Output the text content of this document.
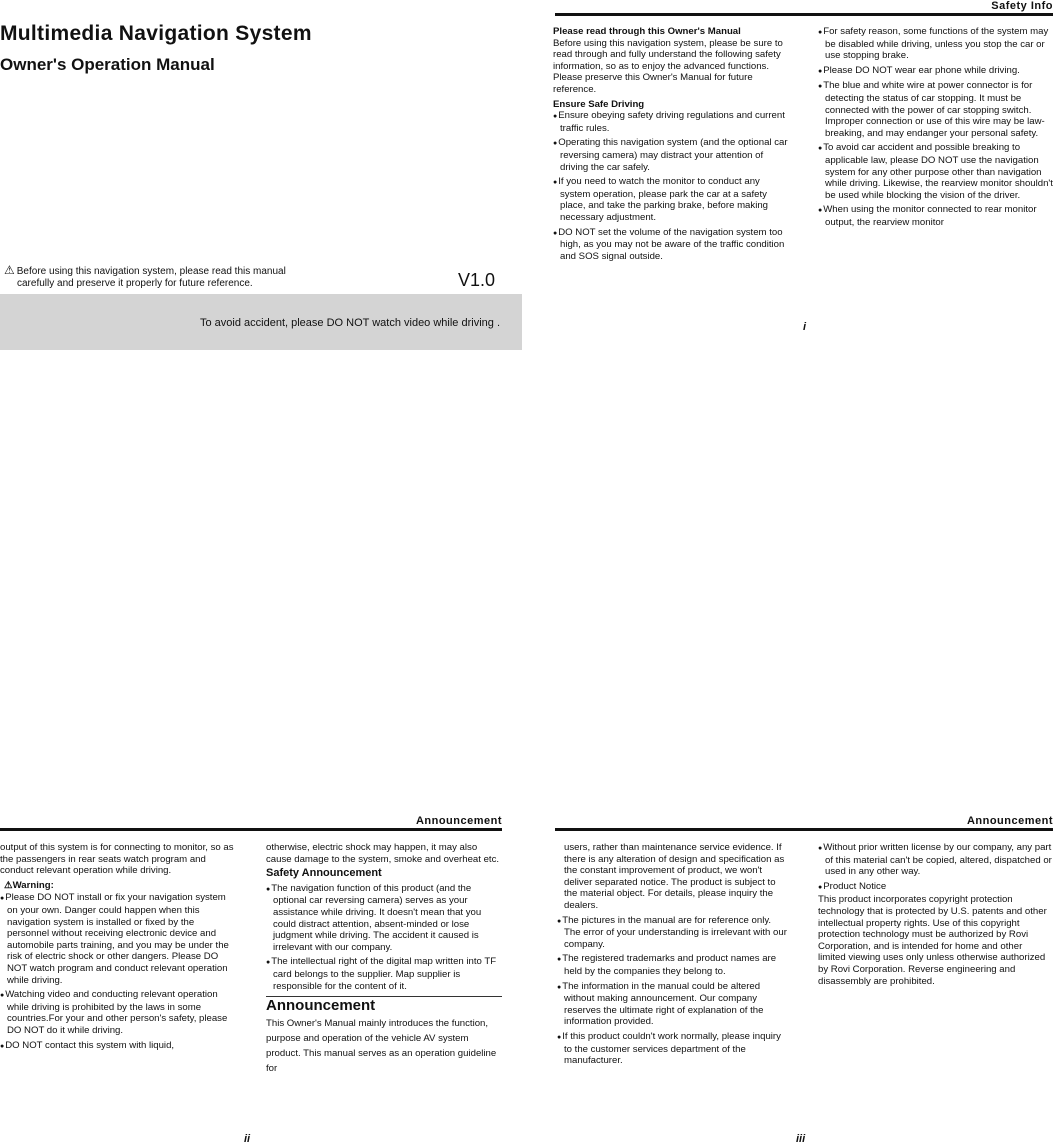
Multimedia Navigation System
Owner's Operation Manual
⚠ Before using this navigation system, please read this manual
carefully and preserve it properly for future reference.	V1.0
To avoid accident, please DO NOT watch video while driving .
Safety Info

Please read through this Owner's Manual

Before using this navigation system, please be sure to read through and fully understand the following safety information, so as to enjoy the advanced functions. Please preserve this Owner's Manual for future reference.

Ensure Safe Driving

● Ensure obeying safety driving regulations and current traffic rules.

● Operating this navigation system (and the optional car reversing camera) may distract your attention of driving the car safely.

● If you need to watch the monitor to conduct any system operation, please park the car at a safety place, and take the parking brake, before making necessary adjustment.

● DO NOT set the volume of the navigation system too high, as you may not be aware of the traffic condition and SOS signal outside.

● For safety reason, some functions of the system may be disabled while driving, unless you stop the car or use stopping brake.

● Please DO NOT wear ear phone while driving.

● The blue and white wire at power connector is for detecting the status of car stopping. It must be connected with the power of car stopping switch. Improper connection or use of this wire may be law-breaking, and may endanger your personal safety.

● To avoid car accident and possible breaking to applicable law, please DO NOT use the navigation system for any other purpose other than navigation while driving. Likewise, the rearview monitor shouldn't be used while blocking the vision of the driver.

● When using the monitor connected to rear monitor output, the rearview monitor

i
Announcement

output of this system is for connecting to monitor, so as the passengers in rear seats watch program and conduct relevant operation while driving.

⚠Warning:

● Please DO NOT install or fix your navigation system on your own. Danger could happen when this navigation system is installed or fixed by the personnel without receiving electronic device and automobile parts training, and you may be under the risk of electric shock or other dangers. Please DO NOT watch program and conduct relevant operation while driving.

● Watching video and conducting relevant operation while driving is prohibited by the laws in some countries.For your and other person's safety, please DO NOT do it while driving.

● DO NOT contact this system with liquid,

otherwise, electric shock may happen, it may also cause damage to the system, smoke and overheat etc.

Safety Announcement

● The navigation function of this product (and the optional car reversing camera) serves as your assistance while driving. It doesn't mean that you could distract attention, absent-minded or lose judgment while driving. The accident it caused is irrelevant with our company.

● The intellectual right of the digital map written into TF card belongs to the supplier. Map supplier is responsible for the content of it.

Announcement

This Owner's Manual mainly introduces the function, purpose and operation of the vehicle AV system product. This manual serves as an operation guideline for

ii
Announcement

users, rather than maintenance service evidence. If there is any alteration of design and specification as the constant improvement of product, we won't deliver separated notice. The product is subject to the material object. For details, please inquiry the dealers.

● The pictures in the manual are for reference only. The error of your understanding is irrelevant with our company.

● The registered trademarks and product names are held by the companies they belong to.

● The information in the manual could be altered without making announcement. Our company reserves the ultimate right of explanation of the information provided.

● If this product couldn't work normally, please inquiry to the customer services department of the manufacturer.

● Without prior written license by our company, any part of this material can't be copied, altered, dispatched or used in any other way.

● Product Notice

This product incorporates copyright protection technology that is protected by U.S. patents and other intellectual property rights. Use of this copyright protection technology must be authorized by Rovi Corporation, and is intended for home and other limited viewing uses only unless otherwise authorized by Rovi Corporation. Reverse engineering and disassembly are prohibited.

iii
